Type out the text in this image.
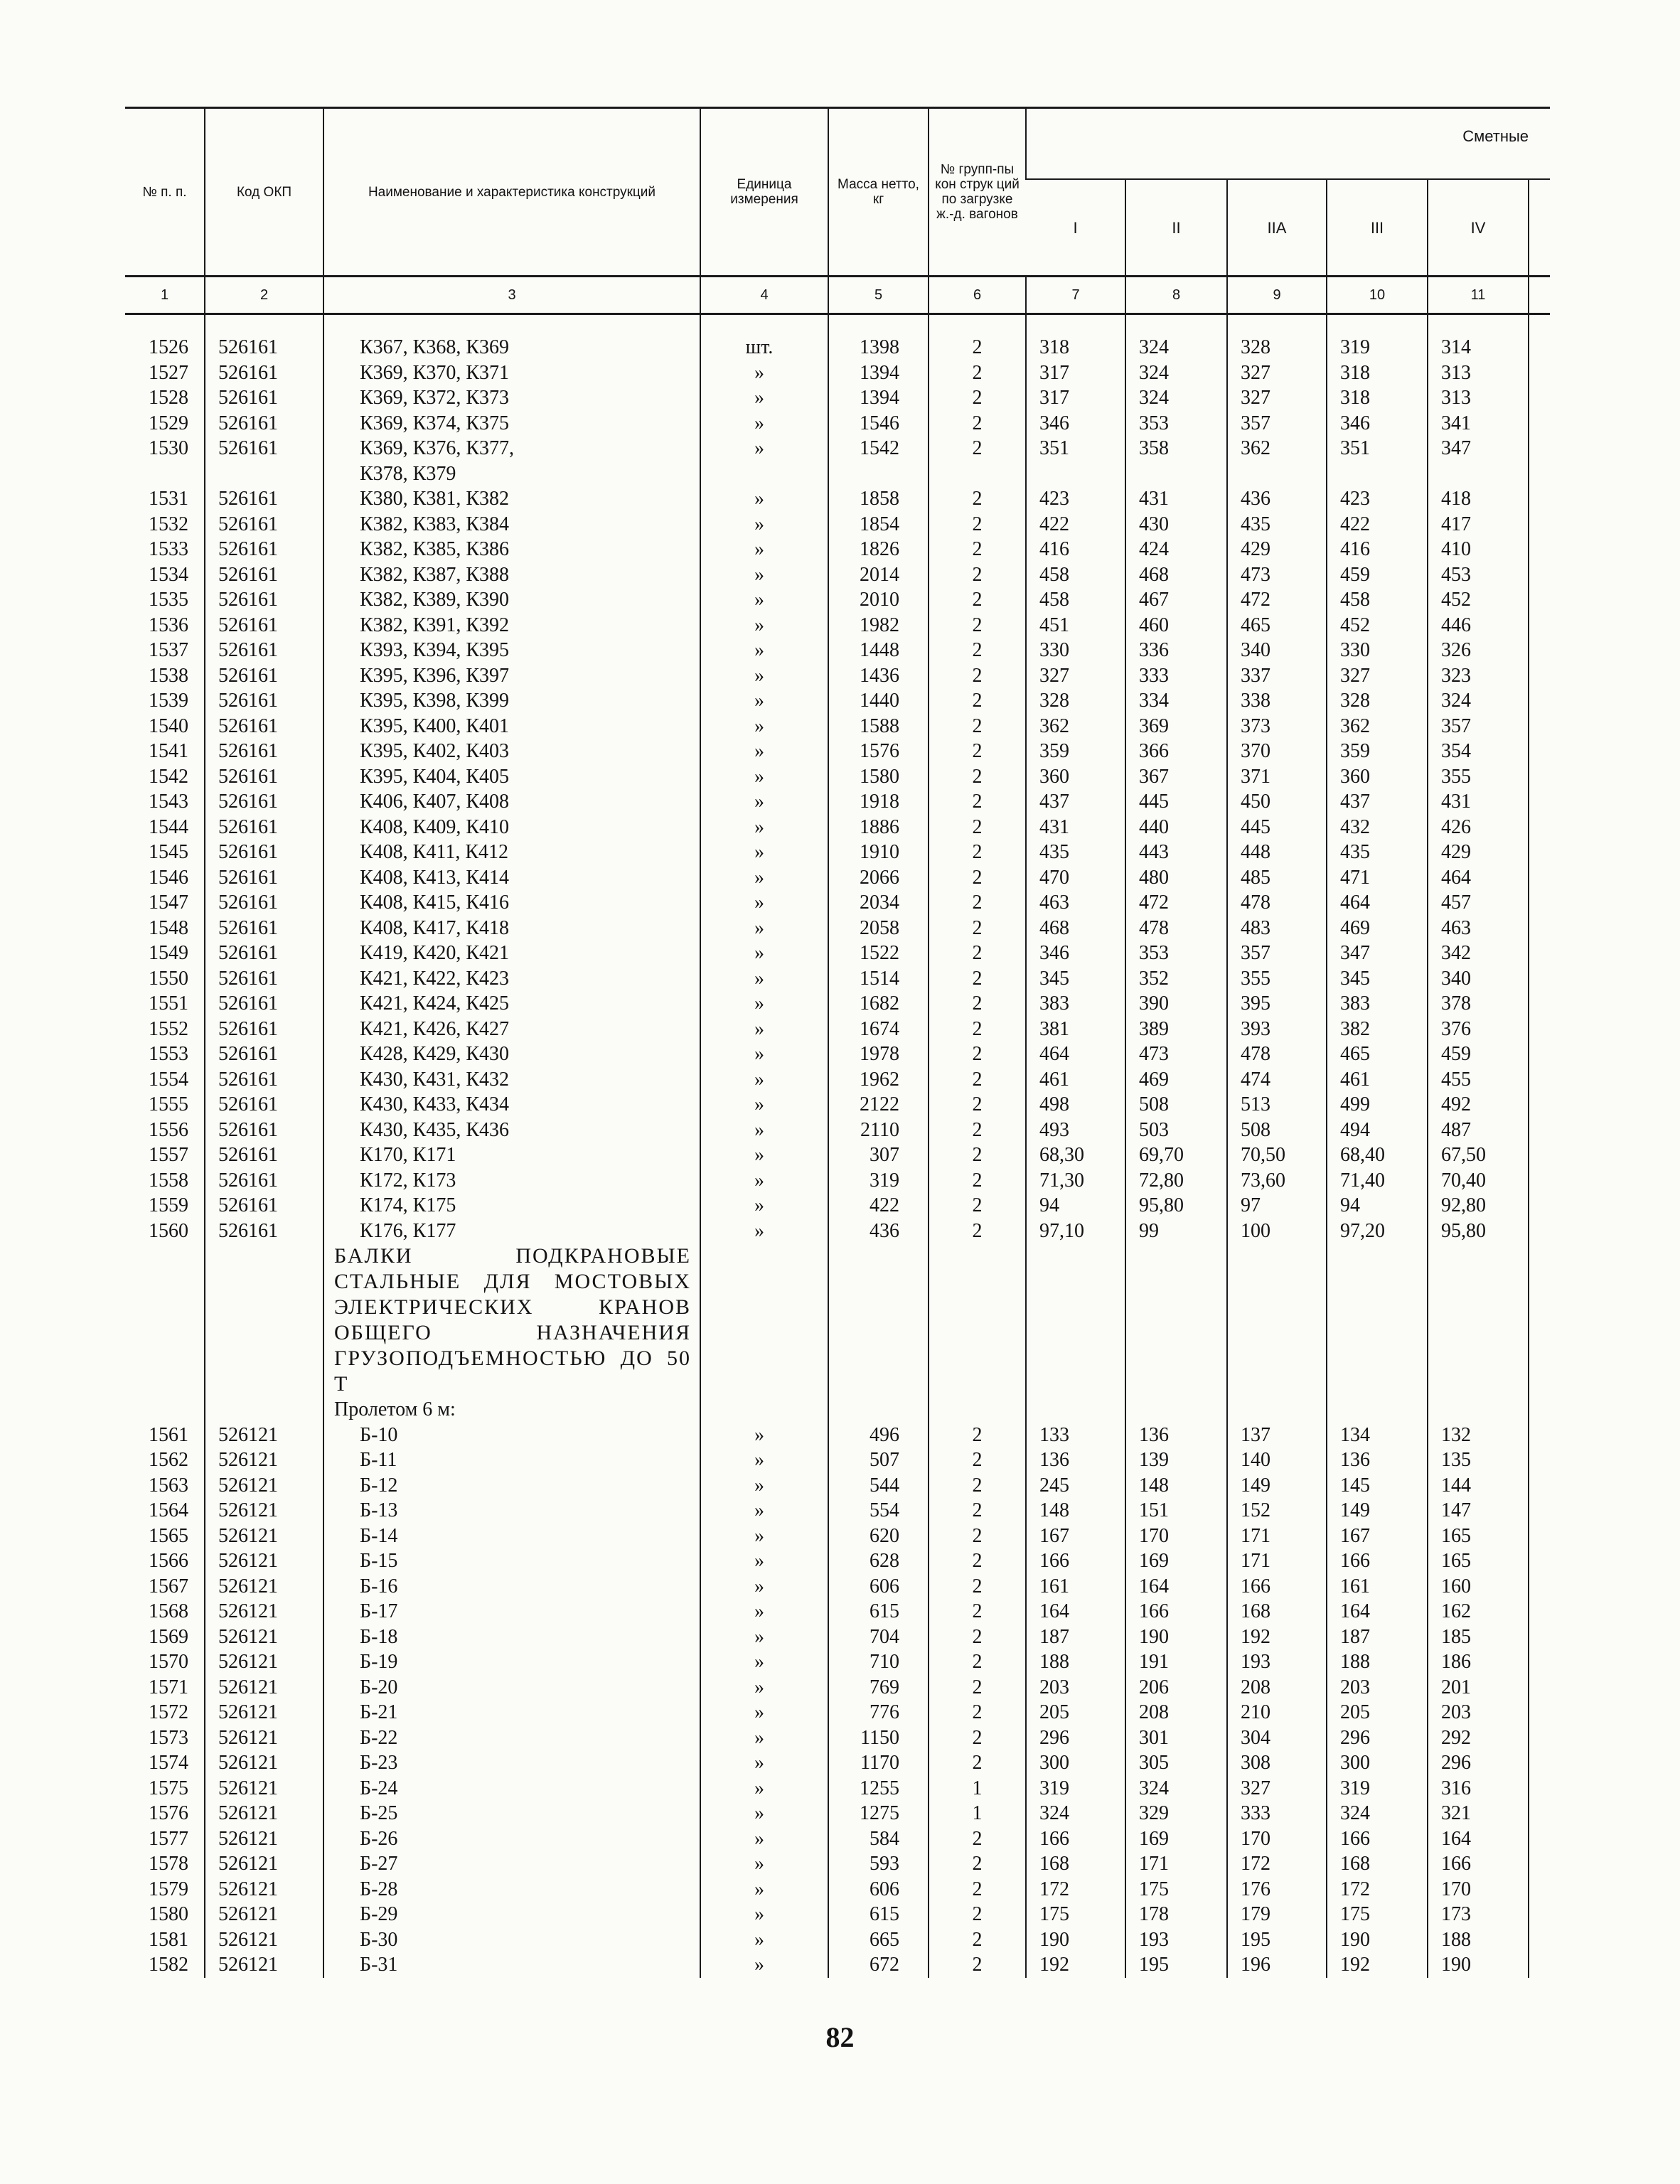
№ п. п.	Код ОКП	Наименование и характеристика конструкций	Единица измерения	Масса нетто, кг	№ групп-пы кон струк ций по загрузке ж.-д. вагонов	Сметные					
						I	II	IIA	III	IV	
1	2	3	4	5	6	7	8	9	10	11	

1526	526161	К367, К368, К369	шт.	1398	2	318	324	328	319	314	
1527	526161	К369, К370, К371	»	1394	2	317	324	327	318	313	
1528	526161	К369, К372, К373	»	1394	2	317	324	327	318	313	
1529	526161	К369, К374, К375	»	1546	2	346	353	357	346	341	
1530	526161	К369, К376, К377,	»	1542	2	351	358	362	351	347	
		К378, К379									
1531	526161	К380, К381, К382	»	1858	2	423	431	436	423	418	
1532	526161	К382, К383, К384	»	1854	2	422	430	435	422	417	
1533	526161	К382, К385, К386	»	1826	2	416	424	429	416	410	
1534	526161	К382, К387, К388	»	2014	2	458	468	473	459	453	
1535	526161	К382, К389, К390	»	2010	2	458	467	472	458	452	
1536	526161	К382, К391, К392	»	1982	2	451	460	465	452	446	
1537	526161	К393, К394, К395	»	1448	2	330	336	340	330	326	
1538	526161	К395, К396, К397	»	1436	2	327	333	337	327	323	
1539	526161	К395, К398, К399	»	1440	2	328	334	338	328	324	
1540	526161	К395, К400, К401	»	1588	2	362	369	373	362	357	
1541	526161	К395, К402, К403	»	1576	2	359	366	370	359	354	
1542	526161	К395, К404, К405	»	1580	2	360	367	371	360	355	
1543	526161	К406, К407, К408	»	1918	2	437	445	450	437	431	
1544	526161	К408, К409, К410	»	1886	2	431	440	445	432	426	
1545	526161	К408, К411, К412	»	1910	2	435	443	448	435	429	
1546	526161	К408, К413, К414	»	2066	2	470	480	485	471	464	
1547	526161	К408, К415, К416	»	2034	2	463	472	478	464	457	
1548	526161	К408, К417, К418	»	2058	2	468	478	483	469	463	
1549	526161	К419, К420, К421	»	1522	2	346	353	357	347	342	
1550	526161	К421, К422, К423	»	1514	2	345	352	355	345	340	
1551	526161	К421, К424, К425	»	1682	2	383	390	395	383	378	
1552	526161	К421, К426, К427	»	1674	2	381	389	393	382	376	
1553	526161	К428, К429, К430	»	1978	2	464	473	478	465	459	
1554	526161	К430, К431, К432	»	1962	2	461	469	474	461	455	
1555	526161	К430, К433, К434	»	2122	2	498	508	513	499	492	
1556	526161	К430, К435, К436	»	2110	2	493	503	508	494	487	
1557	526161	К170, К171	»	307	2	68,30	69,70	70,50	68,40	67,50	
1558	526161	К172, К173	»	319	2	71,30	72,80	73,60	71,40	70,40	
1559	526161	К174, К175	»	422	2	94	95,80	97	94	92,80	
1560	526161	К176, К177	»	436	2	97,10	99	100	97,20	95,80	
		БАЛКИ ПОДКРАНОВЫЕ СТАЛЬНЫЕ ДЛЯ МОСТОВЫХ ЭЛЕКТРИЧЕСКИХ КРАНОВ ОБЩЕГО НАЗНАЧЕНИЯ ГРУЗОПОДЪЕМНОСТЬЮ ДО 50 Т									
		Пролетом 6 м:									
1561	526121	Б-10	»	496	2	133	136	137	134	132	
1562	526121	Б-11	»	507	2	136	139	140	136	135	
1563	526121	Б-12	»	544	2	245	148	149	145	144	
1564	526121	Б-13	»	554	2	148	151	152	149	147	
1565	526121	Б-14	»	620	2	167	170	171	167	165	
1566	526121	Б-15	»	628	2	166	169	171	166	165	
1567	526121	Б-16	»	606	2	161	164	166	161	160	
1568	526121	Б-17	»	615	2	164	166	168	164	162	
1569	526121	Б-18	»	704	2	187	190	192	187	185	
1570	526121	Б-19	»	710	2	188	191	193	188	186	
1571	526121	Б-20	»	769	2	203	206	208	203	201	
1572	526121	Б-21	»	776	2	205	208	210	205	203	
1573	526121	Б-22	»	1150	2	296	301	304	296	292	
1574	526121	Б-23	»	1170	2	300	305	308	300	296	
1575	526121	Б-24	»	1255	1	319	324	327	319	316	
1576	526121	Б-25	»	1275	1	324	329	333	324	321	
1577	526121	Б-26	»	584	2	166	169	170	166	164	
1578	526121	Б-27	»	593	2	168	171	172	168	166	
1579	526121	Б-28	»	606	2	172	175	176	172	170	
1580	526121	Б-29	»	615	2	175	178	179	175	173	
1581	526121	Б-30	»	665	2	190	193	195	190	188	
1582	526121	Б-31	»	672	2	192	195	196	192	190	
82
